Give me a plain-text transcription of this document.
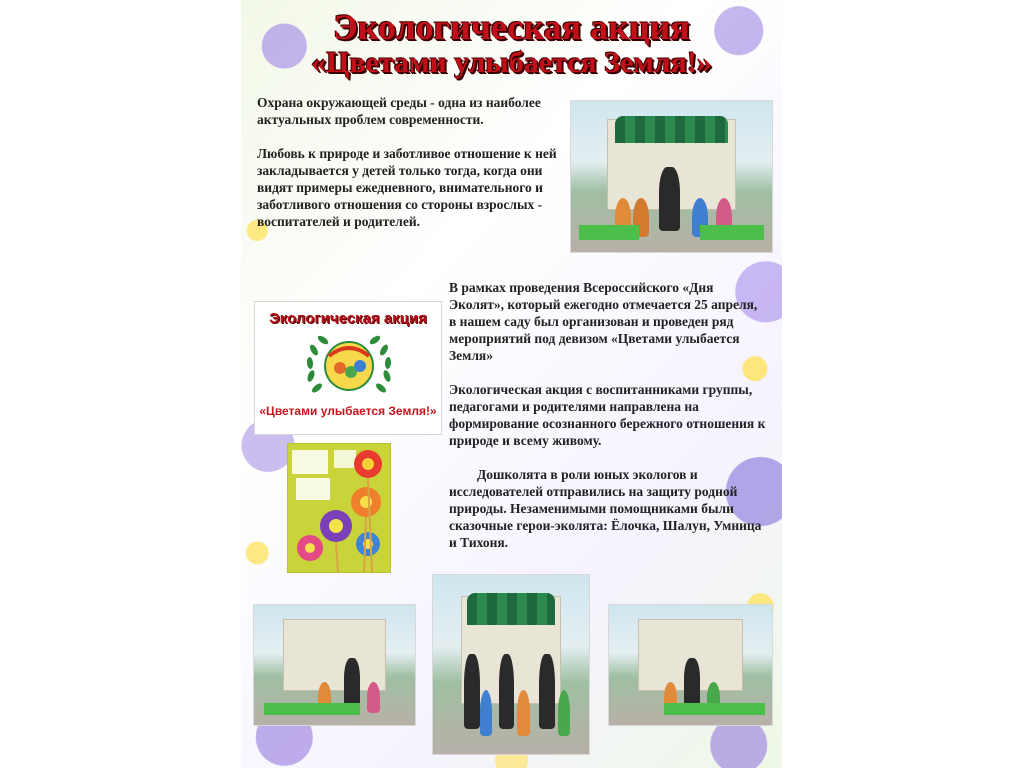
Экологическая акция
«Цветами улыбается Земля!»

Охрана окружающей среды - одна из наиболее актуальных проблем современности.

Любовь к природе и заботливое отношение к ней закладывается у детей только тогда, когда они видят примеры ежедневного, внимательного и заботливого отношения со стороны взрослых - воспитателей и родителей.

Экологическая акция
«Цветами улыбается Земля!»

В рамках проведения Всероссийского «Дня Эколят», который ежегодно отмечается 25 апреля, в нашем саду был организован и проведен ряд мероприятий под девизом «Цветами улыбается Земля»

Экологическая акция с воспитанниками группы, педагогами и родителями направлена на формирование осознанного бережного отношения к природе и всему живому.

Дошколята в роли юных экологов и исследователей отправились на защиту родной природы. Незаменимыми помощниками были сказочные герои-эколята: Ёлочка, Шалун, Умница и Тихоня.
